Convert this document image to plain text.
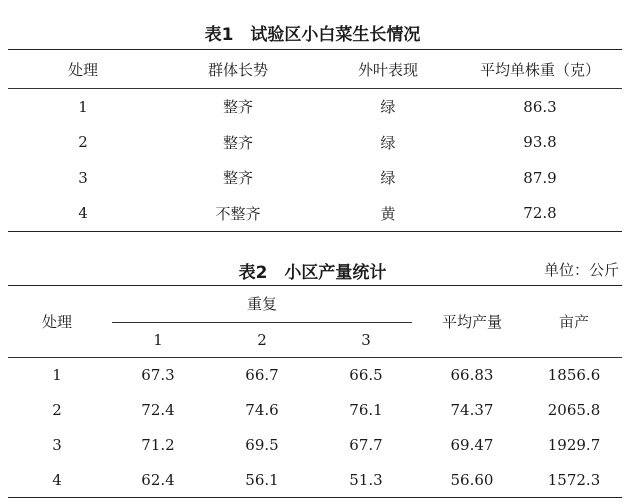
表1　试验区小白菜生长情况
处理	群体长势	外叶表现	平均单株重（克）
1	整齐	绿	86.3
2	整齐	绿	93.8
3	整齐	绿	87.9
4	不整齐	黄	72.8
表2　小区产量统计	单位：公斤
处理	重复			平均产量	亩产
	1	2	3		
1	67.3	66.7	66.5	66.83	1856.6
2	72.4	74.6	76.1	74.37	2065.8
3	71.2	69.5	67.7	69.47	1929.7
4	62.4	56.1	51.3	56.60	1572.3
